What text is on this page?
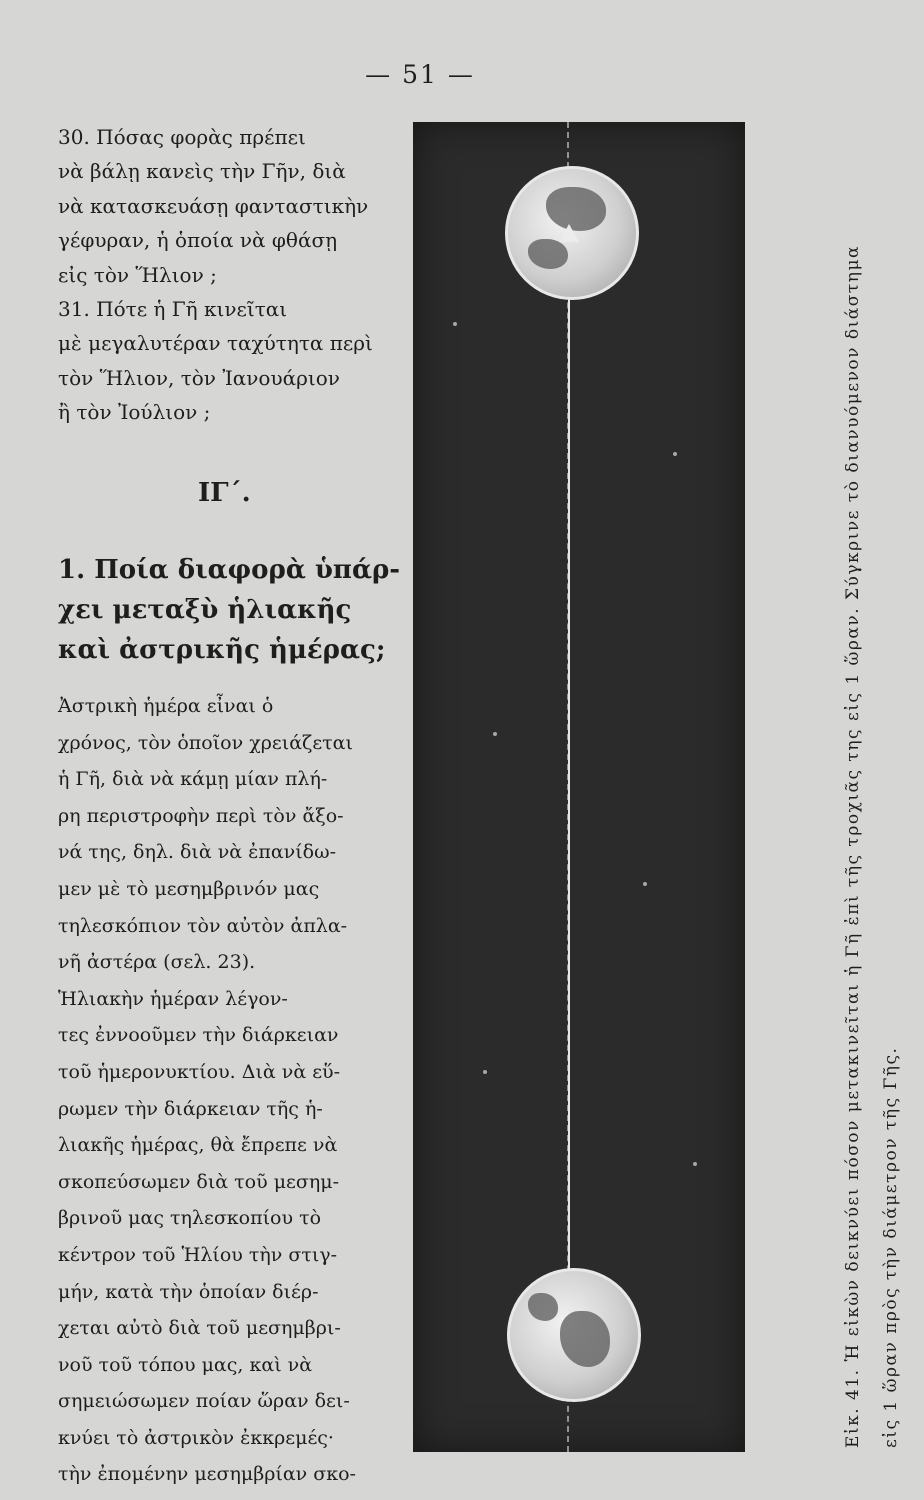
— 51 —
30. Πόσας φορὰς πρέπει
νὰ βάλῃ κανεὶς τὴν Γῆν, διὰ
νὰ κατασκευάσῃ φανταστικὴν
γέφυραν, ἡ ὁποία νὰ φθάσῃ
εἰς τὸν Ἥλιον ;
31. Πότε ἡ Γῆ κινεῖται
μὲ μεγαλυτέραν ταχύτητα περὶ
τὸν Ἥλιον, τὸν Ἰανουάριον
ἢ τὸν Ἰούλιον ;
ΙΓ΄.
1. Ποία διαφορὰ ὑπάρ-
χει μεταξὺ ἡλιακῆς
καὶ ἀστρικῆς ἡμέρας;
Ἀστρικὴ ἡμέρα εἶναι ὁ
χρόνος, τὸν ὁποῖον χρειάζεται
ἡ Γῆ, διὰ νὰ κάμῃ μίαν πλή-
ρη περιστροφὴν περὶ τὸν ἄξο-
νά της, δηλ. διὰ νὰ ἐπανίδω-
μεν μὲ τὸ μεσημβρινόν μας
τηλεσκόπιον τὸν αὐτὸν ἀπλα-
νῆ ἀστέρα (σελ. 23).
Ἡλιακὴν ἡμέραν λέγον-
τες ἐννοοῦμεν τὴν διάρκειαν
τοῦ ἡμερονυκτίου. Διὰ νὰ εὕ-
ρωμεν τὴν διάρκειαν τῆς ἡ-
λιακῆς ἡμέρας, θὰ ἔπρεπε νὰ
σκοπεύσωμεν διὰ τοῦ μεσημ-
βρινοῦ μας τηλεσκοπίου τὸ
κέντρον τοῦ Ἡλίου τὴν στιγ-
μήν, κατὰ τὴν ὁποίαν διέρ-
χεται αὐτὸ διὰ τοῦ μεσημβρι-
νοῦ τοῦ τόπου μας, καὶ νὰ
σημειώσωμεν ποίαν ὥραν δει-
κνύει τὸ ἀστρικὸν ἐκκρεμές·
τὴν ἐπομένην μεσημβρίαν σκο-
Εἰκ. 41. Ἡ εἰκὼν δεικνύει πόσον μετακινεῖται ἡ Γῆ ἐπὶ τῆς τροχιᾶς της εἰς 1 ὥραν. Σύγκρινε τὸ διανυόμενον διάστημα	εἰς 1 ὥραν πρὸς τὴν διάμετρον τῆς Γῆς.
